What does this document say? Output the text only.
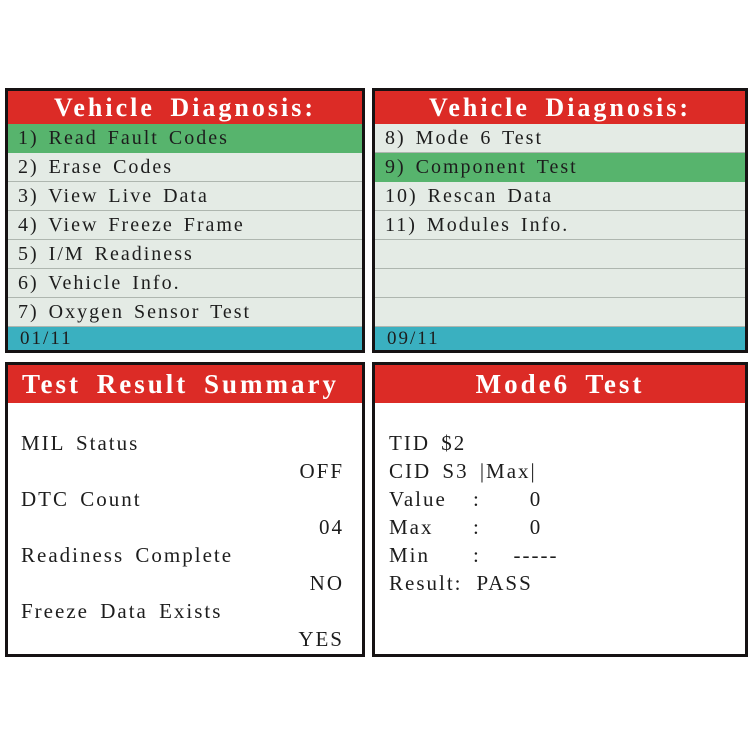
Vehicle Diagnosis:
1) Read Fault Codes
2) Erase Codes
3) View Live Data
4) View Freeze Frame
5) I/M Readiness
6) Vehicle Info.
7) Oxygen Sensor Test
01/11
Vehicle Diagnosis:
8) Mode 6 Test
9) Component Test
10) Rescan Data
11) Modules Info.
09/11
Test Result Summary
MIL Status
OFF
DTC Count
04
Readiness Complete
NO
Freeze Data Exists
YES
Mode6 Test
TID $2
CID S3 |Max|
Value : 0
Max : 0
Min : -----
Result: PASS
